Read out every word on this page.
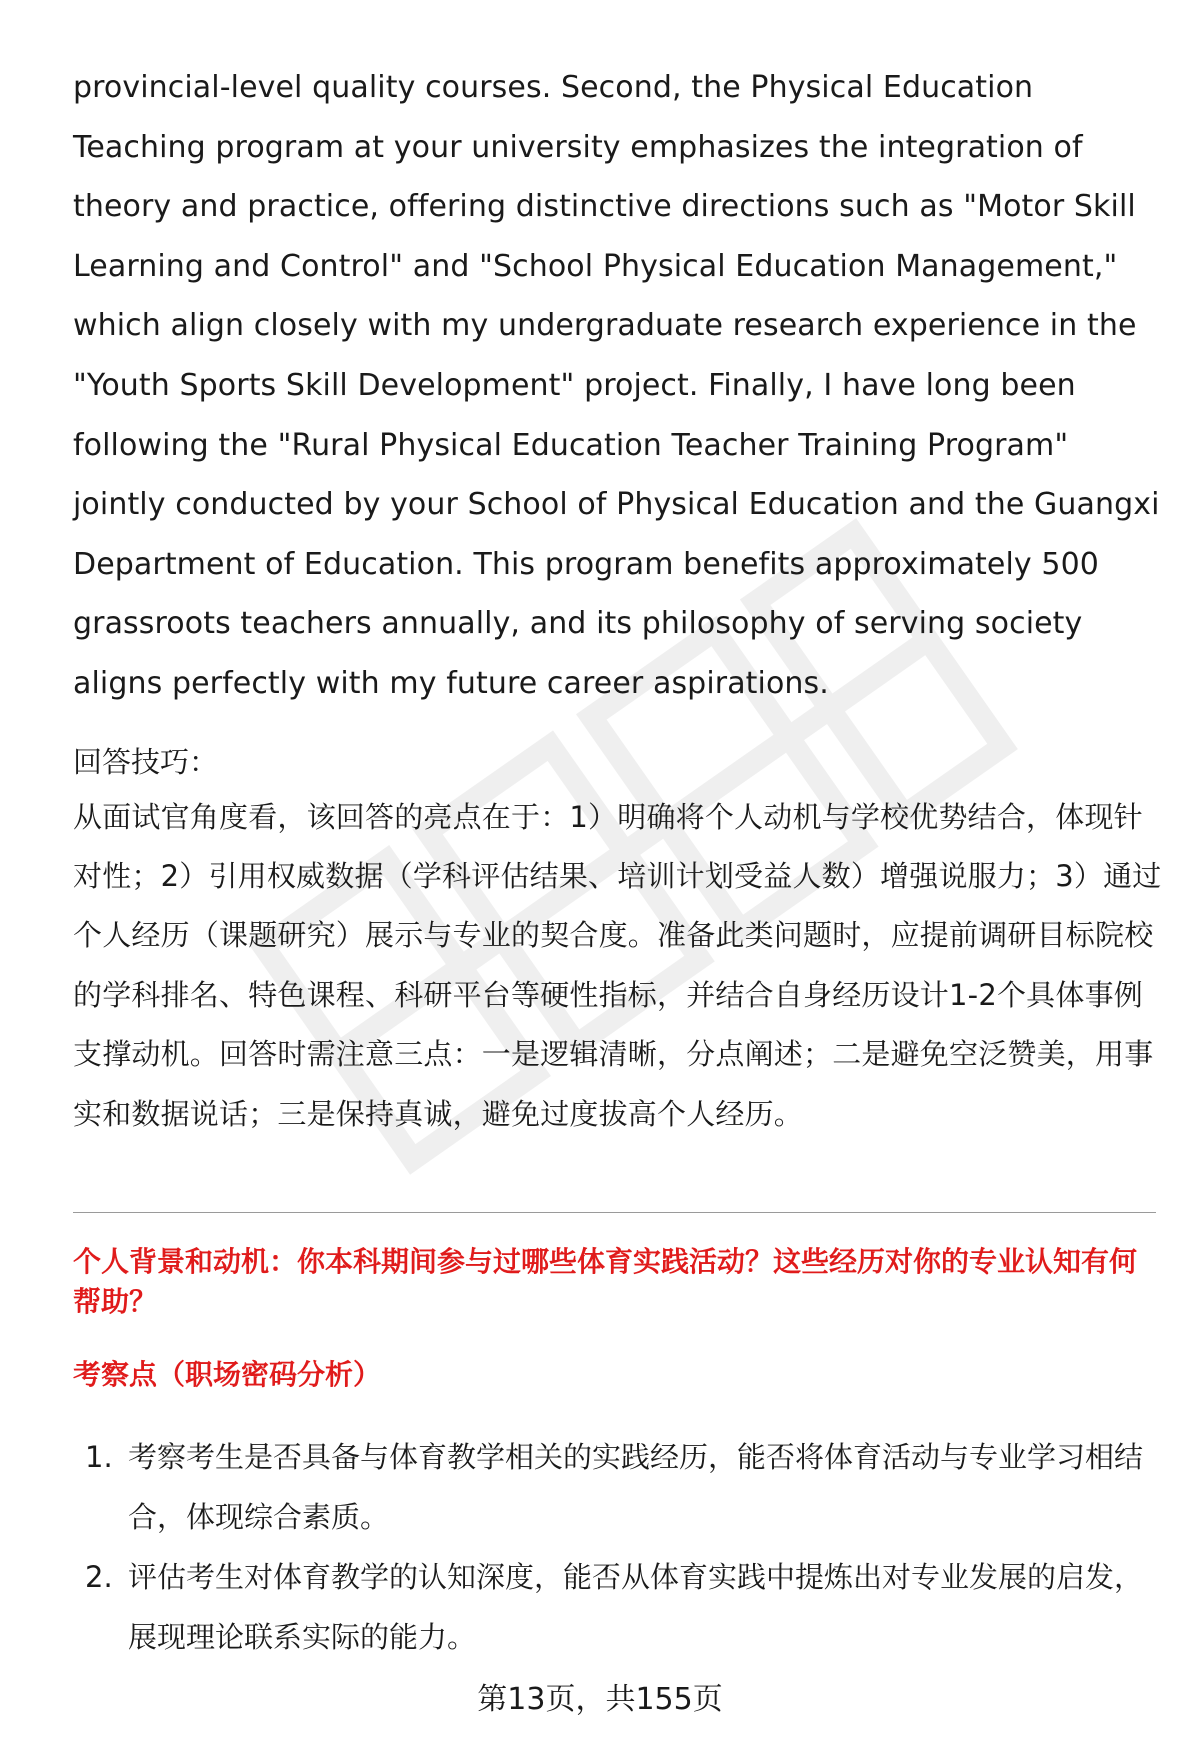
provincial-level quality courses. Second, the Physical Education Teaching program at your university emphasizes the integration of theory and practice, offering distinctive directions such as "Motor Skill Learning and Control" and "School Physical Education Management," which align closely with my undergraduate research experience in the "Youth Sports Skill Development" project. Finally, I have long been following the "Rural Physical Education Teacher Training Program" jointly conducted by your School of Physical Education and the Guangxi Department of Education. This program benefits approximately 500 grassroots teachers annually, and its philosophy of serving society aligns perfectly with my future career aspirations.

回答技巧：

从面试官角度看，该回答的亮点在于：1）明确将个人动机与学校优势结合，体现针对性；2）引用权威数据（学科评估结果、培训计划受益人数）增强说服力；3）通过个人经历（课题研究）展示与专业的契合度。准备此类问题时，应提前调研目标院校的学科排名、特色课程、科研平台等硬性指标，并结合自身经历设计1-2个具体事例支撑动机。回答时需注意三点：一是逻辑清晰，分点阐述；二是避免空泛赞美，用事实和数据说话；三是保持真诚，避免过度拔高个人经历。

个人背景和动机：你本科期间参与过哪些体育实践活动？这些经历对你的专业认知有何帮助？

考察点（职场密码分析）

1. 考察考生是否具备与体育教学相关的实践经历，能否将体育活动与专业学习相结合，体现综合素质。
2. 评估考生对体育教学的认知深度，能否从体育实践中提炼出对专业发展的启发，展现理论联系实际的能力。
第13页，共155页
